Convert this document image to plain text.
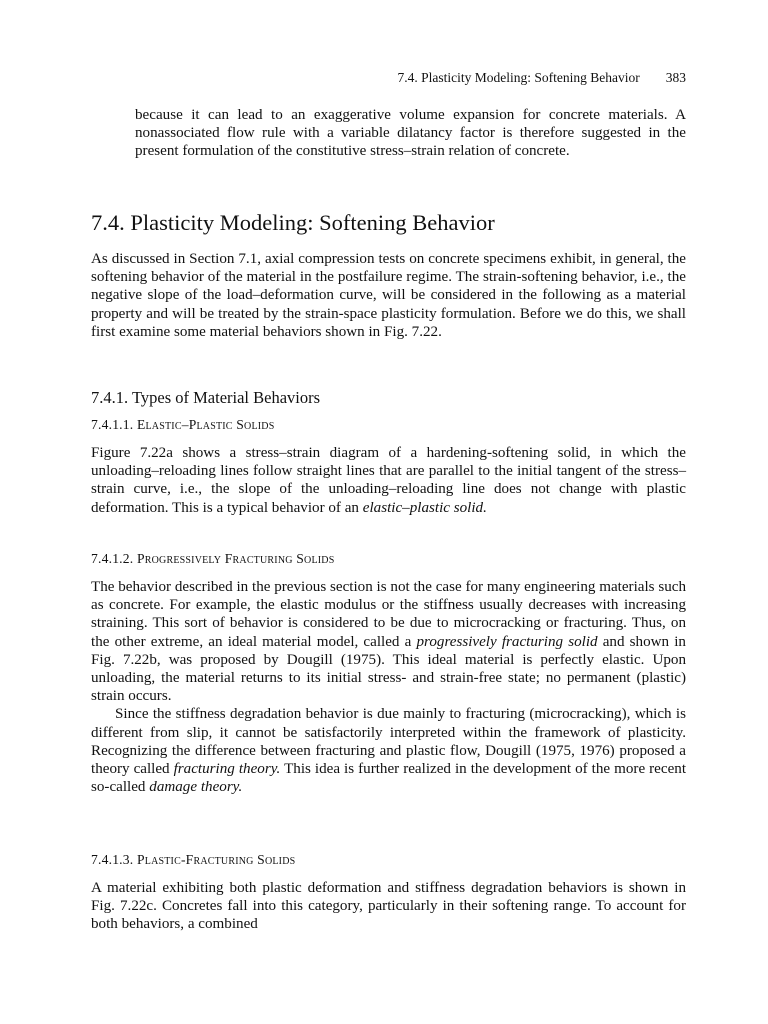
7.4. Plasticity Modeling: Softening Behavior 383

because it can lead to an exaggerative volume expansion for concrete materials. A nonassociated flow rule with a variable dilatancy factor is therefore suggested in the present formulation of the constitutive stress–strain relation of concrete.

7.4. Plasticity Modeling: Softening Behavior

As discussed in Section 7.1, axial compression tests on concrete specimens exhibit, in general, the softening behavior of the material in the postfailure regime. The strain-softening behavior, i.e., the negative slope of the load–deformation curve, will be considered in the following as a material property and will be treated by the strain-space plasticity formulation. Before we do this, we shall first examine some material behaviors shown in Fig. 7.22.

7.4.1. Types of Material Behaviors
7.4.1.1. Elastic–Plastic Solids

Figure 7.22a shows a stress–strain diagram of a hardening-softening solid, in which the unloading–reloading lines follow straight lines that are parallel to the initial tangent of the stress–strain curve, i.e., the slope of the unloading–reloading line does not change with plastic deformation. This is a typical behavior of an elastic–plastic solid.

7.4.1.2. Progressively Fracturing Solids

The behavior described in the previous section is not the case for many engineering materials such as concrete. For example, the elastic modulus or the stiffness usually decreases with increasing straining. This sort of behavior is considered to be due to microcracking or fracturing. Thus, on the other extreme, an ideal material model, called a progressively fracturing solid and shown in Fig. 7.22b, was proposed by Dougill (1975). This ideal material is perfectly elastic. Upon unloading, the material returns to its initial stress- and strain-free state; no permanent (plastic) strain occurs.

Since the stiffness degradation behavior is due mainly to fracturing (microcracking), which is different from slip, it cannot be satisfactorily interpreted within the framework of plasticity. Recognizing the difference between fracturing and plastic flow, Dougill (1975, 1976) proposed a theory called fracturing theory. This idea is further realized in the development of the more recent so-called damage theory.

7.4.1.3. Plastic-Fracturing Solids

A material exhibiting both plastic deformation and stiffness degradation behaviors is shown in Fig. 7.22c. Concretes fall into this category, particularly in their softening range. To account for both behaviors, a combined
